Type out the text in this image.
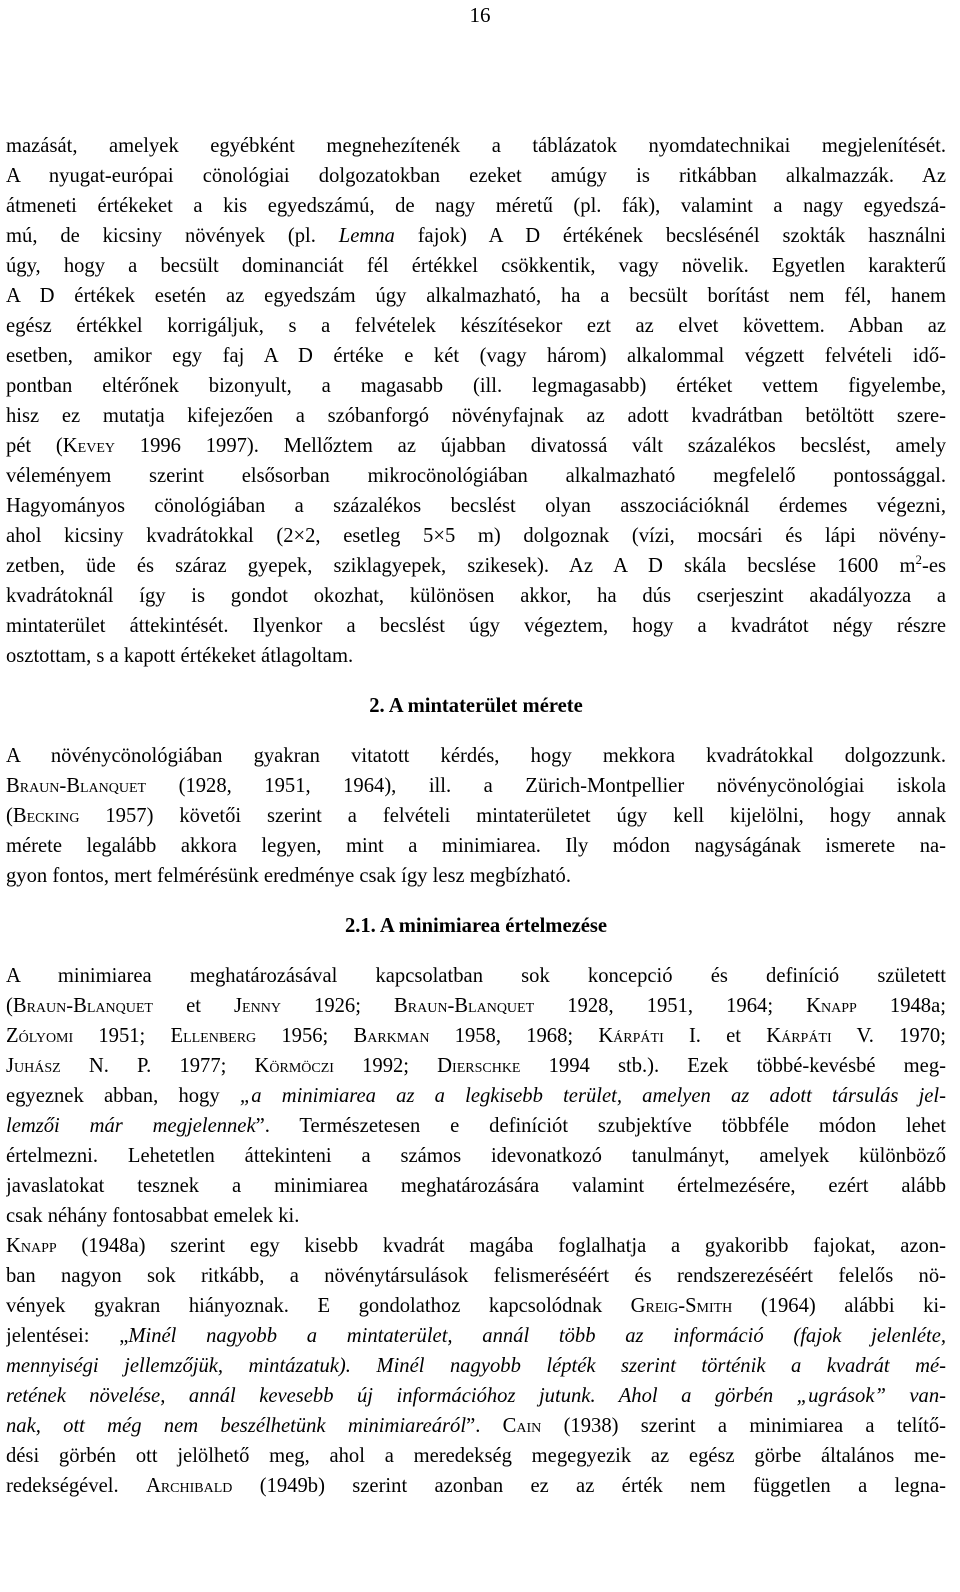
16
mazását, amelyek egyébként megnehezítenék a táblázatok nyomdatechnikai megjelenítését.
A nyugat-európai cönológiai dolgozatokban ezeket amúgy is ritkábban alkalmazzák. Az
átmeneti értékeket a kis egyedszámú, de nagy méretű (pl. fák), valamint a nagy egyedszá-
mú, de kicsiny növények (pl. Lemna fajok) A D értékének becslésénél szokták használni
úgy, hogy a becsült dominanciát fél értékkel csökkentik, vagy növelik. Egyetlen karakterű
A D értékek esetén az egyedszám úgy alkalmazható, ha a becsült borítást nem fél, hanem
egész értékkel korrigáljuk, s a felvételek készítésekor ezt az elvet követtem. Abban az
esetben, amikor egy faj A D értéke e két (vagy három) alkalommal végzett felvételi idő-
pontban eltérőnek bizonyult, a magasabb (ill. legmagasabb) értéket vettem figyelembe,
hisz ez mutatja kifejezően a szóbanforgó növényfajnak az adott kvadrátban betöltött szere-
pét (Kevey 1996 1997). Mellőztem az újabban divatossá vált százalékos becslést, amely
véleményem szerint elsősorban mikrocönológiában alkalmazható megfelelő pontossággal.
Hagyományos cönológiában a százalékos becslést olyan asszociációknál érdemes végezni,
ahol kicsiny kvadrátokkal (2×2, esetleg 5×5 m) dolgoznak (vízi, mocsári és lápi növény-
zetben, üde és száraz gyepek, sziklagyepek, szikesek). Az A D skála becslése 1600 $m^2-es$
kvadrátoknál így is gondot okozhat, különösen akkor, ha dús cserjeszint akadályozza a
mintaterület áttekintését. Ilyenkor a becslést úgy végeztem, hogy a kvadrátot négy részre
osztottam, s a kapott értékeket átlagoltam.
2. A mintaterület mérete
A növénycönológiában gyakran vitatott kérdés, hogy mekkora kvadrátokkal dolgozzunk.
Braun-Blanquet (1928, 1951, 1964), ill. a Zürich-Montpellier növénycönológiai iskola
(Becking 1957) követői szerint a felvételi mintaterületet úgy kell kijelölni, hogy annak
mérete legalább akkora legyen, mint a minimiarea. Ily módon nagyságának ismerete na-
gyon fontos, mert felmérésünk eredménye csak így lesz megbízható.
2.1. A minimiarea értelmezése
A minimiarea meghatározásával kapcsolatban sok koncepció és definíció született
(Braun-Blanquet et Jenny 1926; Braun-Blanquet 1928, 1951, 1964; Knapp 1948a;
Zólyomi 1951; Ellenberg 1956; Barkman 1958, 1968; Kárpáti I. et Kárpáti V. 1970;
Juhász N. P. 1977; Körmöczi 1992; Dierschke 1994 stb.). Ezek többé-kevésbé meg-
egyeznek abban, hogy „a minimiarea az a legkisebb terület, amelyen az adott társulás jel-
lemzői már megjelennek”. Természetesen e definíciót szubjektíve többféle módon lehet
értelmezni. Lehetetlen áttekinteni a számos idevonatkozó tanulmányt, amelyek különböző
javaslatokat tesznek a minimiarea meghatározására valamint értelmezésére, ezért alább
csak néhány fontosabbat emelek ki.
Knapp (1948a) szerint egy kisebb kvadrát magába foglalhatja a gyakoribb fajokat, azon-
ban nagyon sok ritkább, a növénytársulások felismeréséért és rendszerezéséért felelős nö-
vények gyakran hiányoznak. E gondolathoz kapcsolódnak Greig-Smith (1964) alábbi ki-
jelentései: „Minél nagyobb a mintaterület, annál több az információ (fajok jelenléte,
mennyiségi jellemzőjük, mintázatuk). Minél nagyobb lépték szerint történik a kvadrát mé-
retének növelése, annál kevesebb új információhoz jutunk. Ahol a görbén „ugrások” van-
nak, ott még nem beszélhetünk minimiareáról”. Cain (1938) szerint a minimiarea a telítő-
dési görbén ott jelölhető meg, ahol a meredekség megegyezik az egész görbe általános me-
redekségével. Archibald (1949b) szerint azonban ez az érték nem független a legna-
